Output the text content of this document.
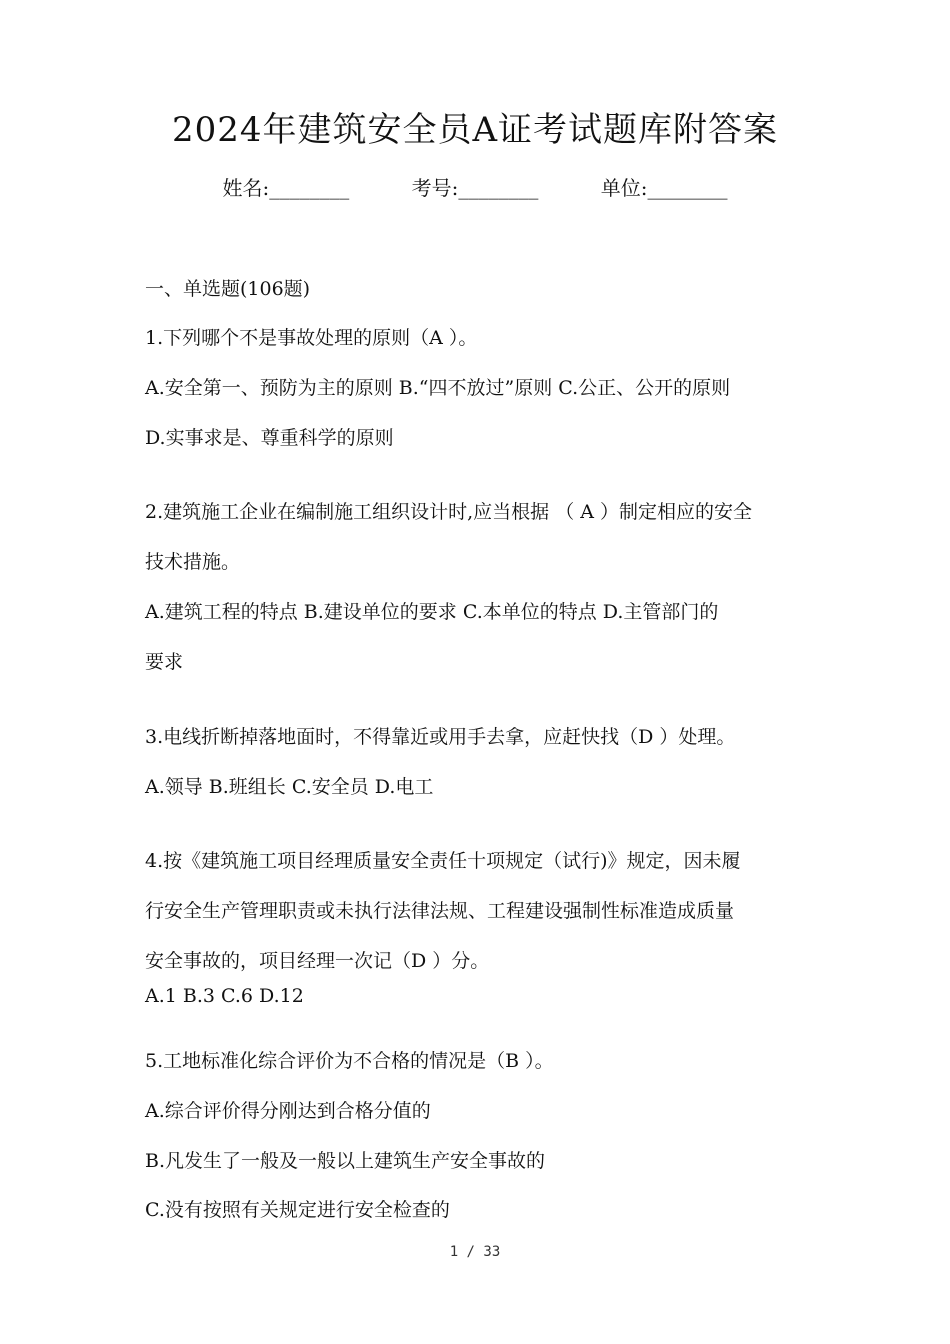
2024年建筑安全员A证考试题库附答案
姓名:________	考号:________	单位:________
一、单选题(106题)
1.下列哪个不是事故处理的原则（A ）。
A.安全第一、预防为主的原则 B.“四不放过”原则 C.公正、公开的原则
D.实事求是、尊重科学的原则
2.建筑施工企业在编制施工组织设计时,应当根据 （ A ）制定相应的安全
技术措施。
A.建筑工程的特点 B.建设单位的要求 C.本单位的特点 D.主管部门的
要求
3.电线折断掉落地面时，不得靠近或用手去拿，应赶快找（D ）处理。
A.领导 B.班组长 C.安全员 D.电工
4.按《建筑施工项目经理质量安全责任十项规定（试行)》规定，因未履
行安全生产管理职责或未执行法律法规、工程建设强制性标准造成质量
安全事故的，项目经理一次记（D ）分。
A.1 B.3 C.6 D.12
5.工地标准化综合评价为不合格的情况是（B ）。
A.综合评价得分刚达到合格分值的
B.凡发生了一般及一般以上建筑生产安全事故的
C.没有按照有关规定进行安全检查的
1 / 33
